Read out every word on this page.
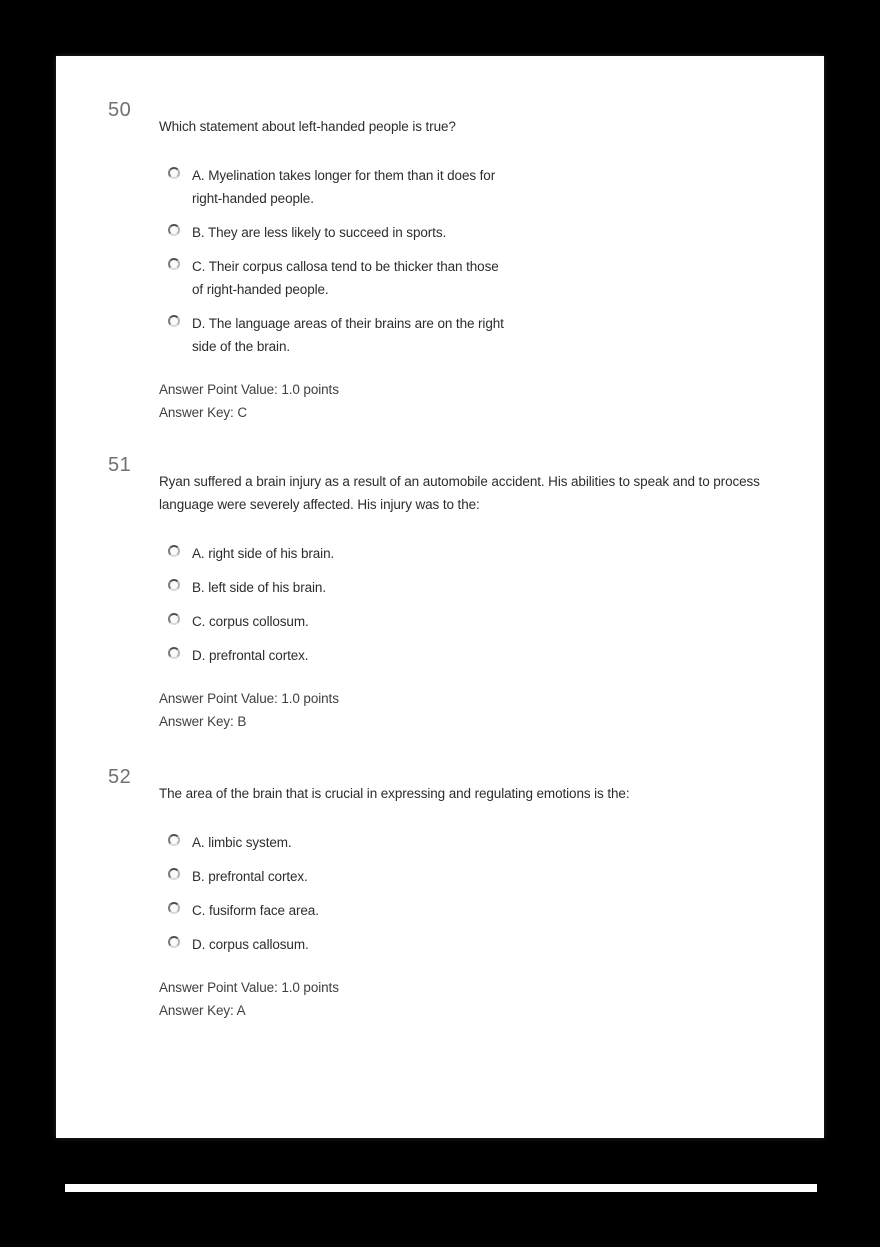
50
Which statement about left-handed people is true?
A. Myelination takes longer for them than it does for right-handed people.
B. They are less likely to succeed in sports.
C. Their corpus callosa tend to be thicker than those of right-handed people.
D. The language areas of their brains are on the right side of the brain.
Answer Point Value: 1.0 points
Answer Key: C
51
Ryan suffered a brain injury as a result of an automobile accident. His abilities to speak and to process language were severely affected. His injury was to the:
A. right side of his brain.
B. left side of his brain.
C. corpus collosum.
D. prefrontal cortex.
Answer Point Value: 1.0 points
Answer Key: B
52
The area of the brain that is crucial in expressing and regulating emotions is the:
A. limbic system.
B. prefrontal cortex.
C. fusiform face area.
D. corpus callosum.
Answer Point Value: 1.0 points
Answer Key: A
